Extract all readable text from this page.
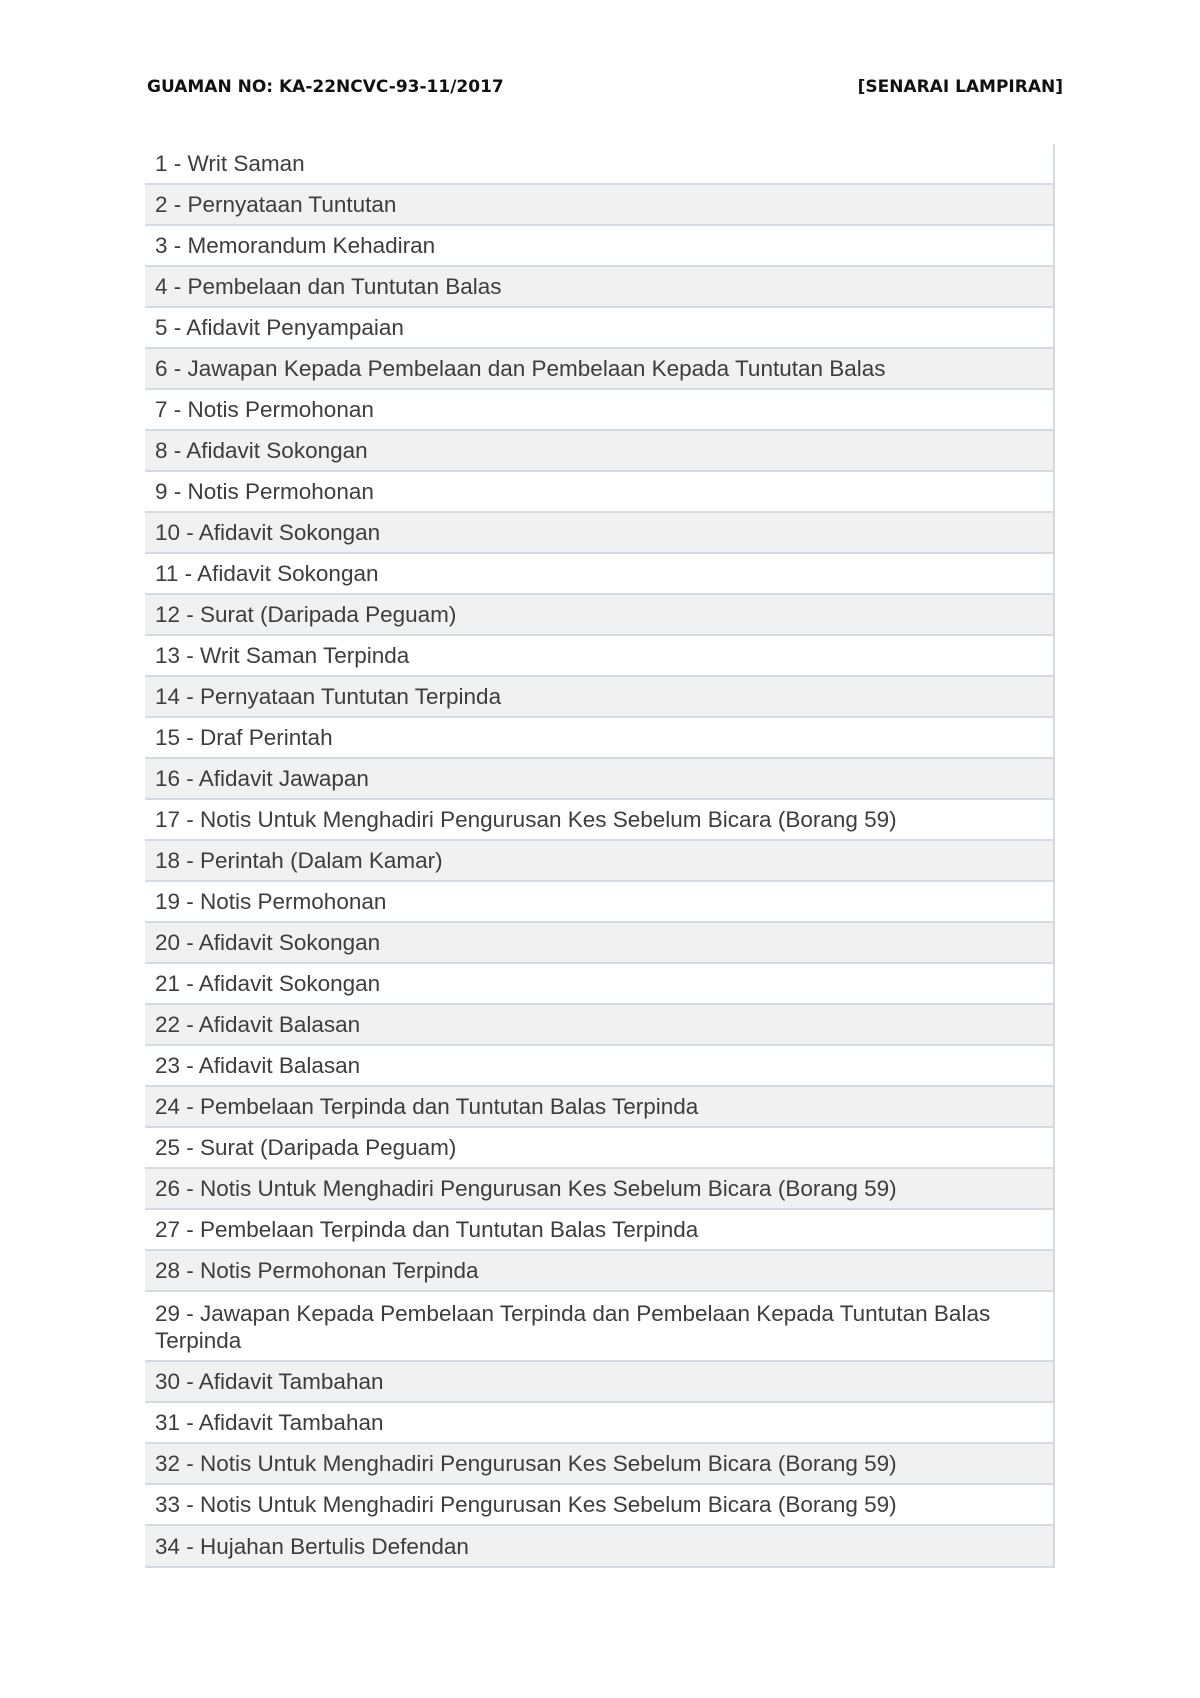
GUAMAN NO: KA-22NCVC-93-11/2017	[SENARAI LAMPIRAN]
1 - Writ Saman
2 - Pernyataan Tuntutan
3 - Memorandum Kehadiran
4 - Pembelaan dan Tuntutan Balas
5 - Afidavit Penyampaian
6 - Jawapan Kepada Pembelaan dan Pembelaan Kepada Tuntutan Balas
7 - Notis Permohonan
8 - Afidavit Sokongan
9 - Notis Permohonan
10 - Afidavit Sokongan
11 - Afidavit Sokongan
12 - Surat (Daripada Peguam)
13 - Writ Saman Terpinda
14 - Pernyataan Tuntutan Terpinda
15 - Draf Perintah
16 - Afidavit Jawapan
17 - Notis Untuk Menghadiri Pengurusan Kes Sebelum Bicara (Borang 59)
18 - Perintah (Dalam Kamar)
19 - Notis Permohonan
20 - Afidavit Sokongan
21 - Afidavit Sokongan
22 - Afidavit Balasan
23 - Afidavit Balasan
24 - Pembelaan Terpinda dan Tuntutan Balas Terpinda
25 - Surat (Daripada Peguam)
26 - Notis Untuk Menghadiri Pengurusan Kes Sebelum Bicara (Borang 59)
27 - Pembelaan Terpinda dan Tuntutan Balas Terpinda
28 - Notis Permohonan Terpinda
29 - Jawapan Kepada Pembelaan Terpinda dan Pembelaan Kepada Tuntutan Balas Terpinda
30 - Afidavit Tambahan
31 - Afidavit Tambahan
32 - Notis Untuk Menghadiri Pengurusan Kes Sebelum Bicara (Borang 59)
33 - Notis Untuk Menghadiri Pengurusan Kes Sebelum Bicara (Borang 59)
34 - Hujahan Bertulis Defendan
